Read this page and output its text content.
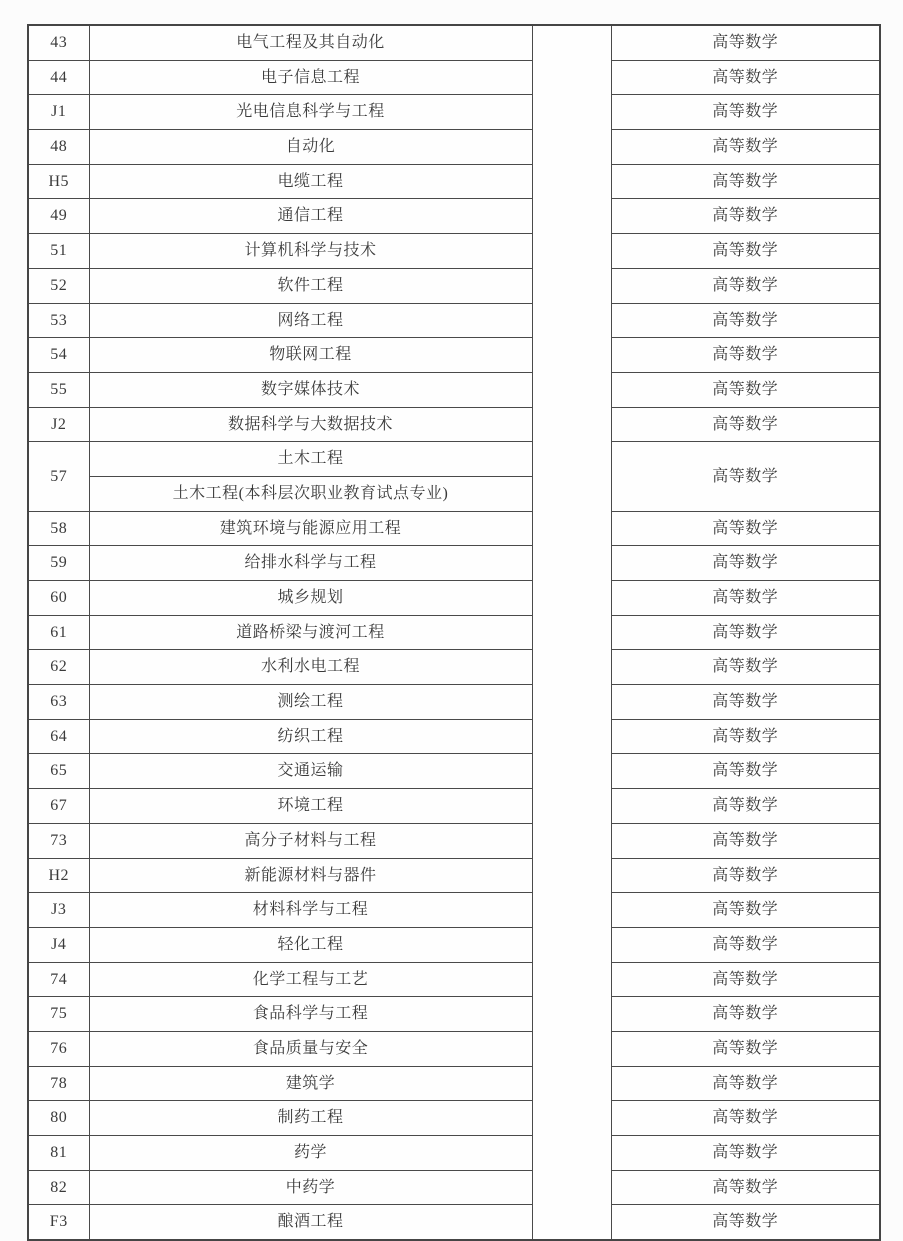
43	电气工程及其自动化		高等数学
44	电子信息工程		高等数学
J1	光电信息科学与工程		高等数学
48	自动化		高等数学
H5	电缆工程		高等数学
49	通信工程		高等数学
51	计算机科学与技术		高等数学
52	软件工程		高等数学
53	网络工程		高等数学
54	物联网工程		高等数学
55	数字媒体技术		高等数学
J2	数据科学与大数据技术		高等数学
57	土木工程		高等数学
	土木工程(本科层次职业教育试点专业)		
58	建筑环境与能源应用工程		高等数学
59	给排水科学与工程		高等数学
60	城乡规划		高等数学
61	道路桥梁与渡河工程		高等数学
62	水利水电工程		高等数学
63	测绘工程		高等数学
64	纺织工程		高等数学
65	交通运输		高等数学
67	环境工程		高等数学
73	高分子材料与工程		高等数学
H2	新能源材料与器件		高等数学
J3	材料科学与工程		高等数学
J4	轻化工程		高等数学
74	化学工程与工艺		高等数学
75	食品科学与工程		高等数学
76	食品质量与安全		高等数学
78	建筑学		高等数学
80	制药工程		高等数学
81	药学		高等数学
82	中药学		高等数学
F3	酿酒工程		高等数学
